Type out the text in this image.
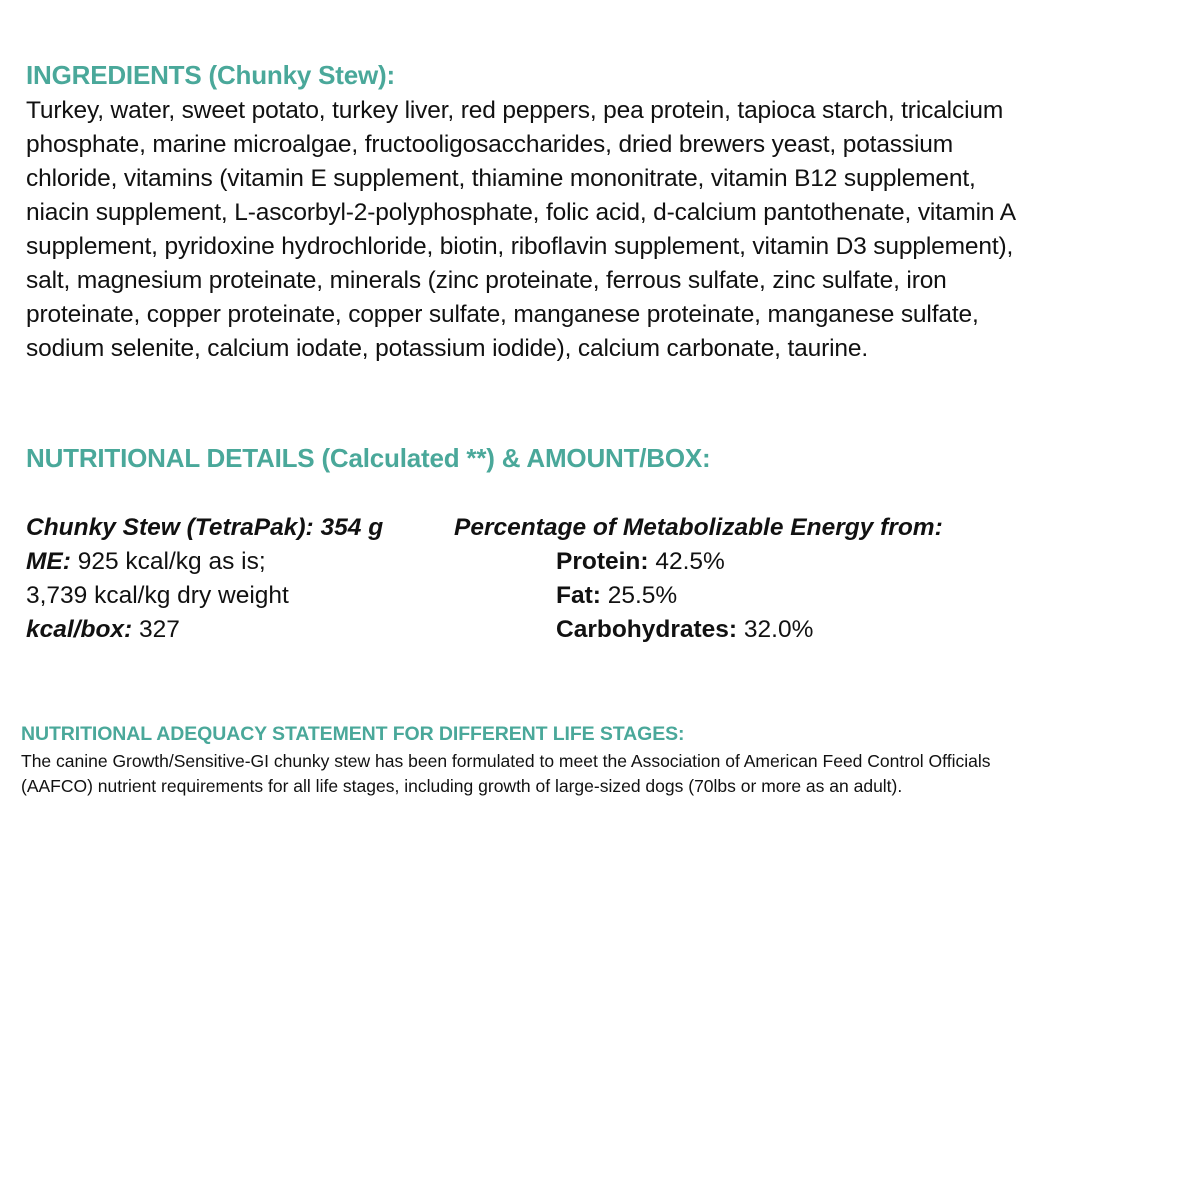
INGREDIENTS (Chunky Stew):
Turkey, water, sweet potato, turkey liver, red peppers, pea protein, tapioca starch, tricalcium
phosphate, marine microalgae, fructooligosaccharides, dried brewers yeast, potassium
chloride, vitamins (vitamin E supplement, thiamine mononitrate, vitamin B12 supplement,
niacin supplement, L-ascorbyl-2-polyphosphate, folic acid, d-calcium pantothenate, vitamin A
supplement, pyridoxine hydrochloride, biotin, riboflavin supplement, vitamin D3 supplement),
salt, magnesium proteinate, minerals (zinc proteinate, ferrous sulfate, zinc sulfate, iron
proteinate, copper proteinate, copper sulfate, manganese proteinate, manganese sulfate,
sodium selenite, calcium iodate, potassium iodide), calcium carbonate, taurine.
NUTRITIONAL DETAILS (Calculated **) & AMOUNT/BOX:
Chunky Stew (TetraPak): 354 g
ME: 925 kcal/kg as is;
3,739 kcal/kg dry weight
kcal/box: 327
Percentage of Metabolizable Energy from:
Protein: 42.5%
Fat: 25.5%
Carbohydrates: 32.0%
NUTRITIONAL ADEQUACY STATEMENT FOR DIFFERENT LIFE STAGES:
The canine Growth/Sensitive-GI chunky stew has been formulated to meet the Association of American Feed Control Officials
(AAFCO) nutrient requirements for all life stages, including growth of large-sized dogs (70lbs or more as an adult).
